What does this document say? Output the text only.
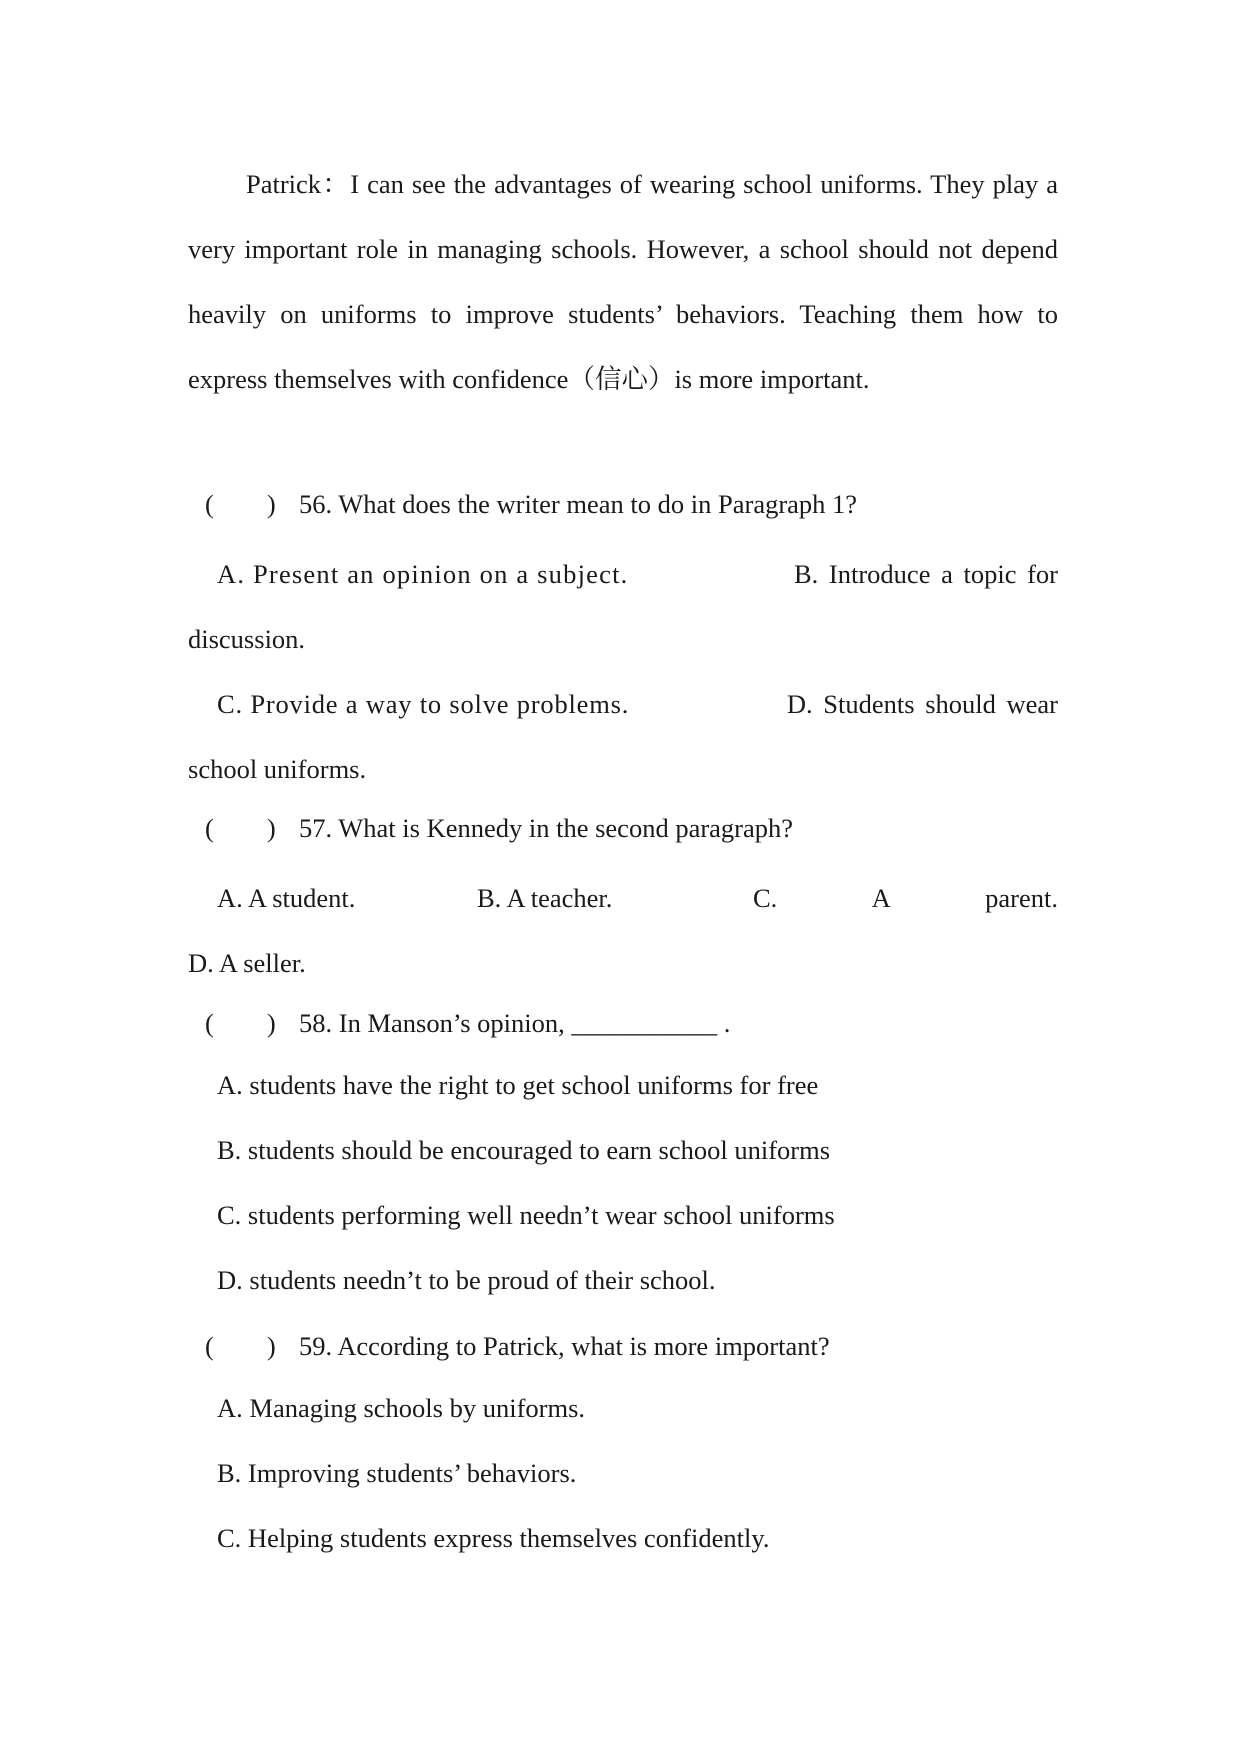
Patrick：I can see the advantages of wearing school uniforms. They play a very important role in managing schools. However, a school should not depend heavily on uniforms to improve students’ behaviors. Teaching them how to express themselves with confidence（信心）is more important.

(　　) 56. What does the writer mean to do in Paragraph 1?
A. Present an opinion on a subject.	B. Introduce a topic for
discussion.
C. Provide a way to solve problems.	D. Students should wear
school uniforms.
(　　) 57. What is Kennedy in the second paragraph?
A. A student.	B. A teacher.	C.	A	parent.
D. A seller.
(　　) 58. In Manson’s opinion, ___________ .
A. students have the right to get school uniforms for free
B. students should be encouraged to earn school uniforms
C. students performing well needn’t wear school uniforms
D. students needn’t to be proud of their school.
(　　) 59. According to Patrick, what is more important?
A. Managing schools by uniforms.
B. Improving students’ behaviors.
C. Helping students express themselves confidently.
